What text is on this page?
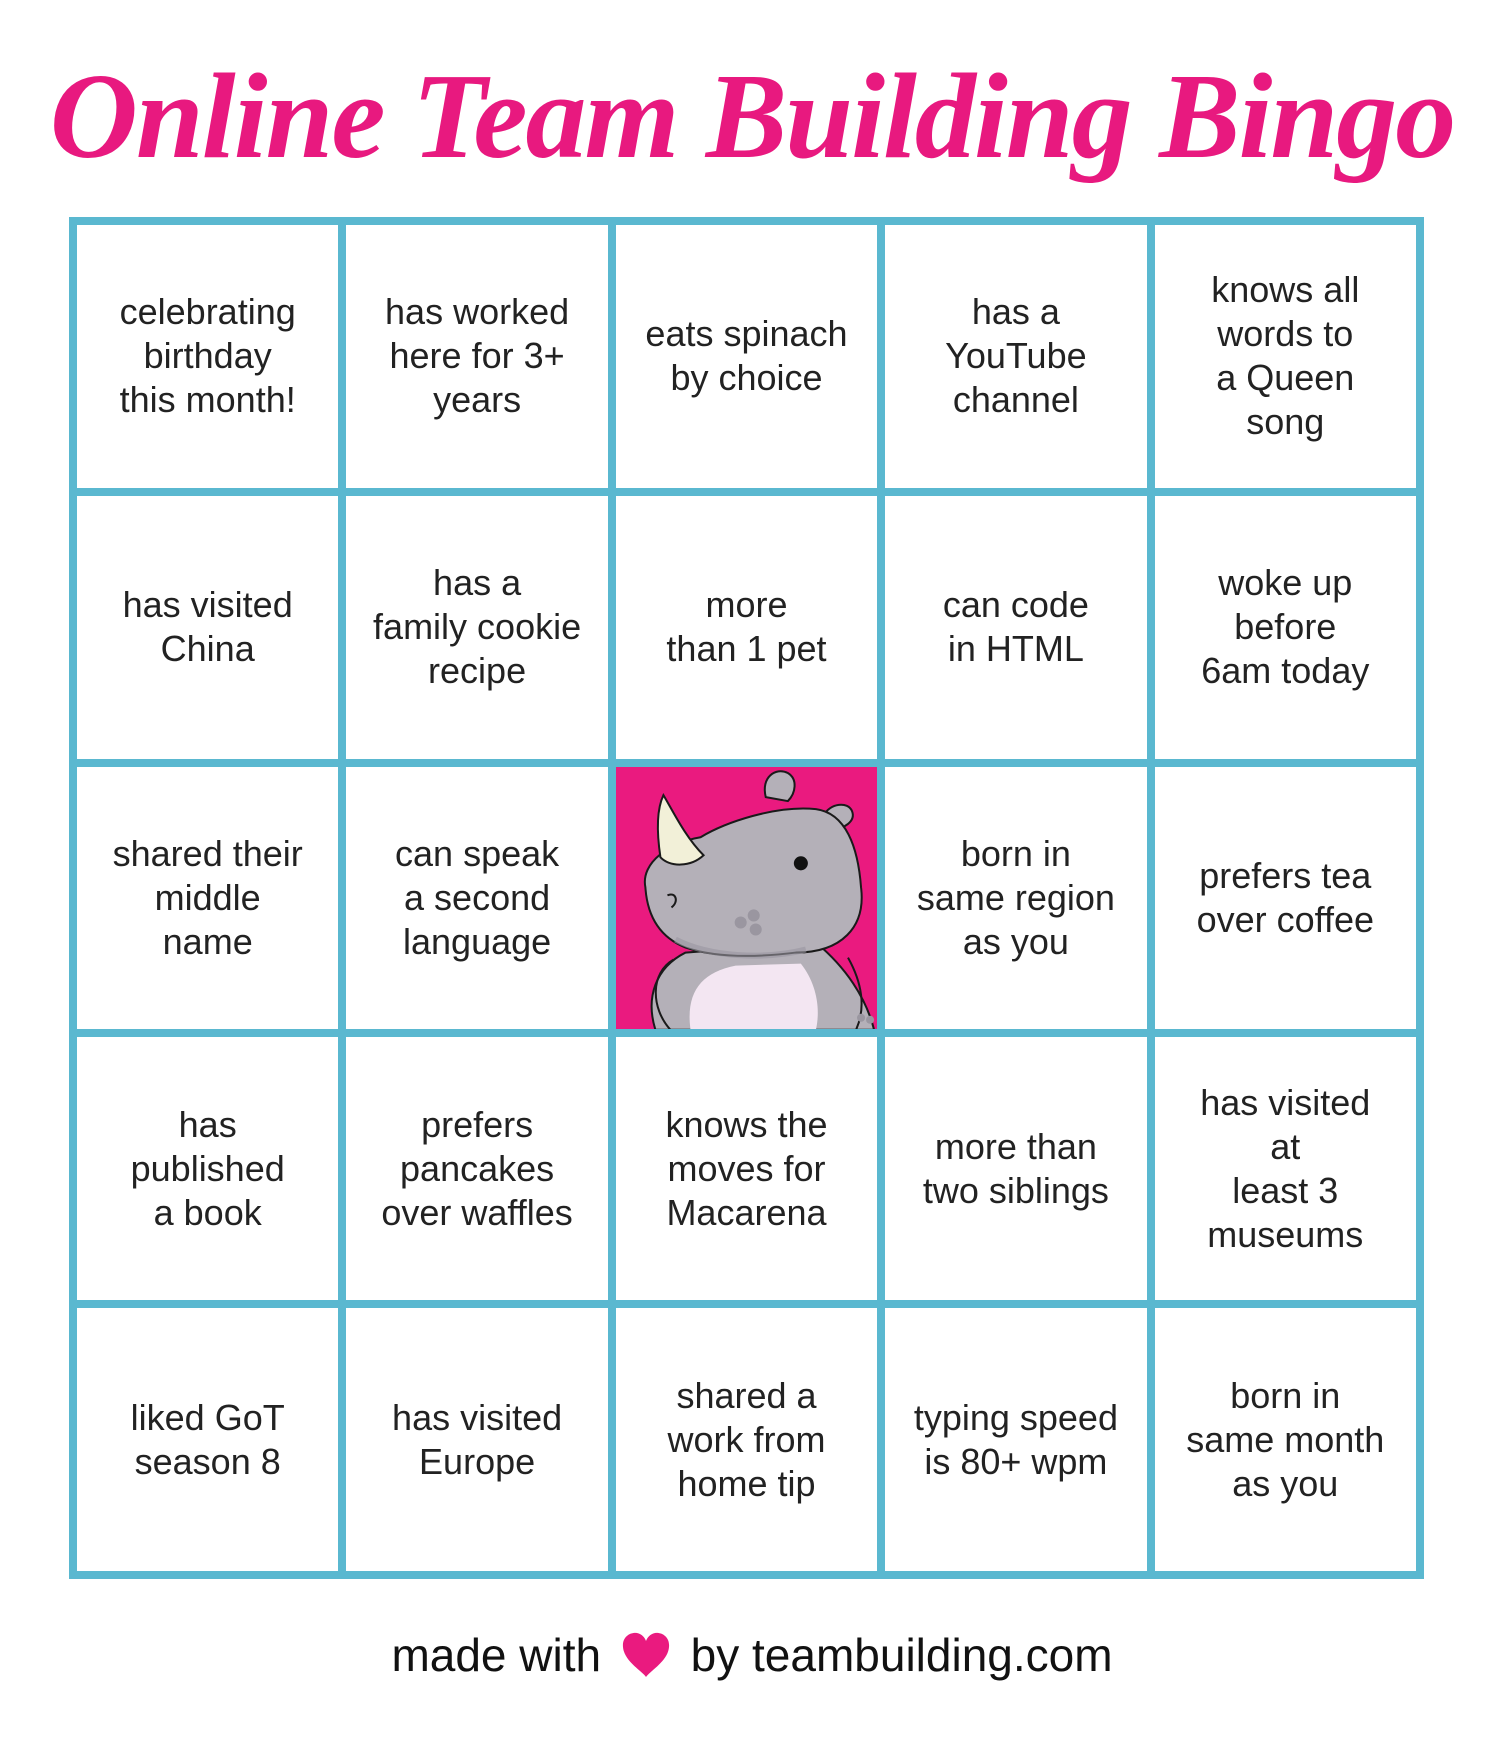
Online Team Building Bingo
celebrating
birthday
this month!
has worked
here for 3+
years
eats spinach
by choice
has a
YouTube
channel
knows all
words to
a Queen
song
has visited
China
has a
family cookie
recipe
more
than 1 pet
can code
in HTML
woke up
before
6am today
shared their
middle
name
can speak
a second
language
born in
same region
as you
prefers tea
over coffee
has
published
a book
prefers
pancakes
over waffles
knows the
moves for
Macarena
more than
two siblings
has visited
at
least 3
museums
liked GoT
season 8
has visited
Europe
shared a
work from
home tip
typing speed
is 80+ wpm
born in
same month
as you
made with by teambuilding.com
